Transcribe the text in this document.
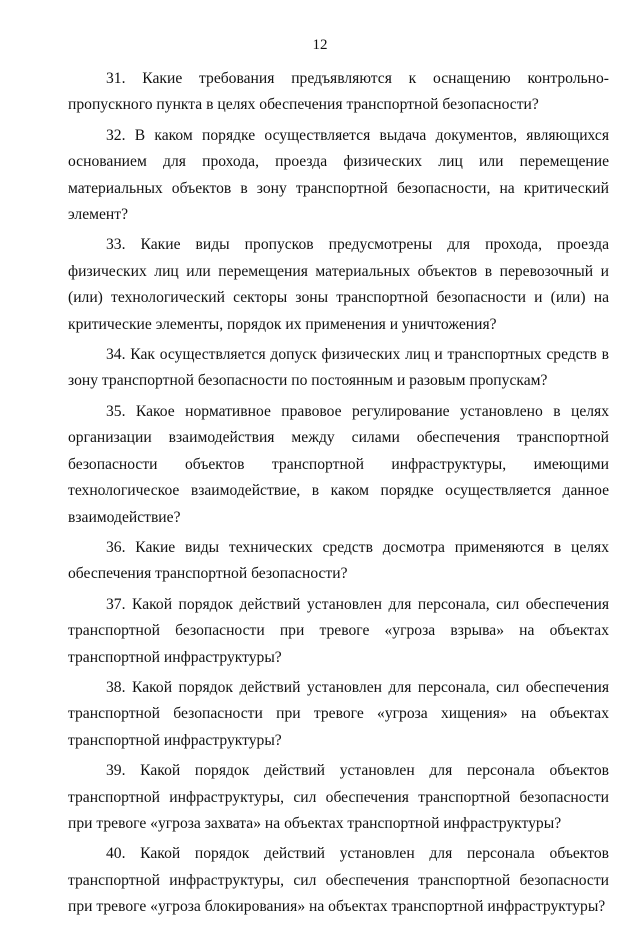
12

31. Какие требования предъявляются к оснащению контрольно-пропускного пункта в целях обеспечения транспортной безопасности?

32. В каком порядке осуществляется выдача документов, являющихся основанием для прохода, проезда физических лиц или перемещение материальных объектов в зону транспортной безопасности, на критический элемент?

33. Какие виды пропусков предусмотрены для прохода, проезда физических лиц или перемещения материальных объектов в перевозочный и (или) технологический секторы зоны транспортной безопасности и (или) на критические элементы, порядок их применения и уничтожения?

34. Как осуществляется допуск физических лиц и транспортных средств в зону транспортной безопасности по постоянным и разовым пропускам?

35. Какое нормативное правовое регулирование установлено в целях организации взаимодействия между силами обеспечения транспортной безопасности объектов транспортной инфраструктуры, имеющими технологическое взаимодействие, в каком порядке осуществляется данное взаимодействие?

36. Какие виды технических средств досмотра применяются в целях обеспечения транспортной безопасности?

37. Какой порядок действий установлен для персонала, сил обеспечения транспортной безопасности при тревоге «угроза взрыва» на объектах транспортной инфраструктуры?

38. Какой порядок действий установлен для персонала, сил обеспечения транспортной безопасности при тревоге «угроза хищения» на объектах транспортной инфраструктуры?

39. Какой порядок действий установлен для персонала объектов транспортной инфраструктуры, сил обеспечения транспортной безопасности при тревоге «угроза захвата» на объектах транспортной инфраструктуры?

40. Какой порядок действий установлен для персонала объектов транспортной инфраструктуры, сил обеспечения транспортной безопасности при тревоге «угроза блокирования» на объектах транспортной инфраструктуры?
